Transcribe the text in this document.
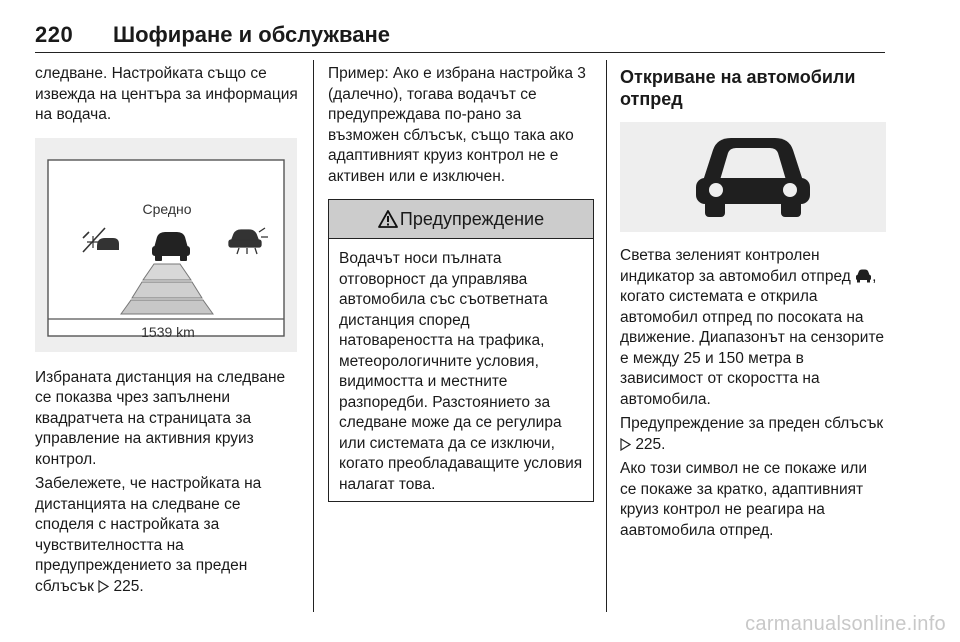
220 Шофиране и обслужване

следване. Настройката също се извежда на центъра за информация на водача.

Средно
1539 km

Избраната дистанция на следване се показва чрез запълнени квадратчета на страницата за управление на активния круиз контрол.

Забележете, че настройката на дистанцията на следване се споделя с настройката за чувствителността на предупреждението за преден сблъсък 225.

Пример: Ако е избрана настройка 3 (далечно), тогава водачът се предупреждава по-рано за възможен сблъсък, също така ако адаптивният круиз контрол не е активен или е изключен.

Предупреждение
Водачът носи пълната отговорност да управлява автомобила със съответната дистанция според натовареността на трафика, метеорологичните условия, видимостта и местните разпоредби. Разстоянието за следване може да се регулира или системата да се изключи, когато преобладаващите условия налагат това.
Откриване на автомобили отпред

Светва зеленият контролен индикатор за автомобил отпред , когато системата е открила автомобил отпред по посоката на движение. Диапазонът на сензорите е между 25 и 150 метра в зависимост от скоростта на автомобила.

Предупреждение за преден сблъсък  225.

Ако този символ не се покаже или се покаже за кратко, адаптивният круиз контрол не реагира на аавтомобила отпред.

carmanualsonline.info
